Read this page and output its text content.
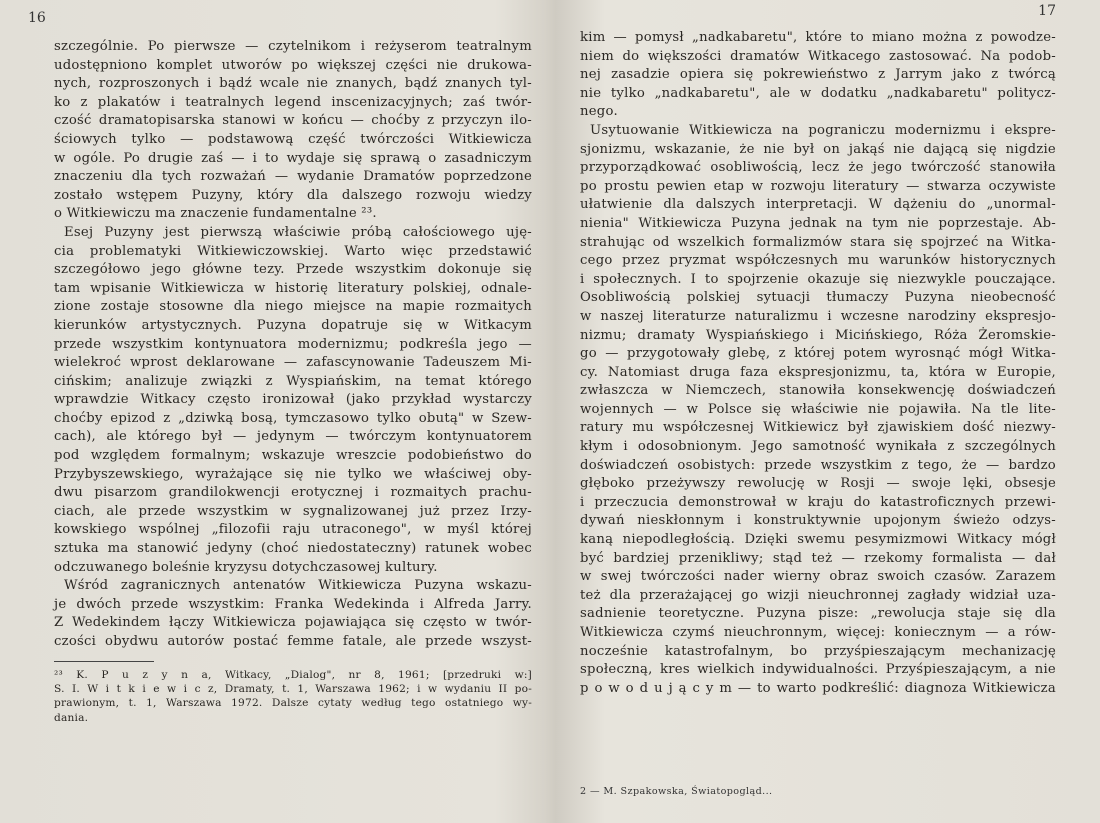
16
szczególnie. Po pierwsze — czytelnikom i reżyserom teatralnym
udostępniono komplet utworów po większej części nie drukowa-
nych, rozproszonych i bądź wcale nie znanych, bądź znanych tyl-
ko z plakatów i teatralnych legend inscenizacyjnych; zaś twór-
czość dramatopisarska stanowi w końcu — choćby z przyczyn ilo-
ściowych tylko — podstawową część twórczości Witkiewicza
w ogóle. Po drugie zaś — i to wydaje się sprawą o zasadniczym
znaczeniu dla tych rozważań — wydanie Dramatów poprzedzone
zostało wstępem Puzyny, który dla dalszego rozwoju wiedzy
o Witkiewiczu ma znaczenie fundamentalne ²³.
Esej Puzyny jest pierwszą właściwie próbą całościowego uję-
cia problematyki Witkiewiczowskiej. Warto więc przedstawić
szczegółowo jego główne tezy. Przede wszystkim dokonuje się
tam wpisanie Witkiewicza w historię literatury polskiej, odnale-
zione zostaje stosowne dla niego miejsce na mapie rozmaitych
kierunków artystycznych. Puzyna dopatruje się w Witkacym
przede wszystkim kontynuatora modernizmu; podkreśla jego —
wielekroć wprost deklarowane — zafascynowanie Tadeuszem Mi-
cińskim; analizuje związki z Wyspiańskim, na temat którego
wprawdzie Witkacy często ironizował (jako przykład wystarczy
choćby epizod z „dziwką bosą, tymczasowo tylko obutą" w Szew-
cach), ale którego był — jedynym — twórczym kontynuatorem
pod względem formalnym; wskazuje wreszcie podobieństwo do
Przybyszewskiego, wyrażające się nie tylko we właściwej oby-
dwu pisarzom grandilokwencji erotycznej i rozmaitych prachu-
ciach, ale przede wszystkim w sygnalizowanej już przez Irzy-
kowskiego wspólnej „filozofii raju utraconego", w myśl której
sztuka ma stanowić jedyny (choć niedostateczny) ratunek wobec
odczuwanego boleśnie kryzysu dotychczasowej kultury.
Wśród zagranicznych antenatów Witkiewicza Puzyna wskazu-
je dwóch przede wszystkim: Franka Wedekinda i Alfreda Jarry.
Z Wedekindem łączy Witkiewicza pojawiająca się często w twór-
czości obydwu autorów postać femme fatale, ale przede wszyst-
²³ K. P u z y n a, Witkacy, „Dialog", nr 8, 1961; [przedruki w:]
S. I. W i t k i e w i c z, Dramaty, t. 1, Warszawa 1962; i w wydaniu II po-
prawionym, t. 1, Warszawa 1972. Dalsze cytaty według tego ostatniego wy-
dania.
17
kim — pomysł „nadkabaretu", które to miano można z powodze-
niem do większości dramatów Witkacego zastosować. Na podob-
nej zasadzie opiera się pokrewieństwo z Jarrym jako z twórcą
nie tylko „nadkabaretu", ale w dodatku „nadkabaretu" politycz-
nego.
Usytuowanie Witkiewicza na pograniczu modernizmu i ekspre-
sjonizmu, wskazanie, że nie był on jakąś nie dającą się nigdzie
przyporządkować osobliwością, lecz że jego twórczość stanowiła
po prostu pewien etap w rozwoju literatury — stwarza oczywiste
ułatwienie dla dalszych interpretacji. W dążeniu do „unormal-
nienia" Witkiewicza Puzyna jednak na tym nie poprzestaje. Ab-
strahując od wszelkich formalizmów stara się spojrzeć na Witka-
cego przez pryzmat współczesnych mu warunków historycznych
i społecznych. I to spojrzenie okazuje się niezwykle pouczające.
Osobliwością polskiej sytuacji tłumaczy Puzyna nieobecność
w naszej literaturze naturalizmu i wczesne narodziny ekspresjo-
nizmu; dramaty Wyspiańskiego i Micińskiego, Róża Żeromskie-
go — przygotowały glebę, z której potem wyrosnąć mógł Witka-
cy. Natomiast druga faza ekspresjonizmu, ta, która w Europie,
zwłaszcza w Niemczech, stanowiła konsekwencję doświadczeń
wojennych — w Polsce się właściwie nie pojawiła. Na tle lite-
ratury mu współczesnej Witkiewicz był zjawiskiem dość niezwy-
kłym i odosobnionym. Jego samotność wynikała z szczególnych
doświadczeń osobistych: przede wszystkim z tego, że — bardzo
głęboko przeżywszy rewolucję w Rosji — swoje lęki, obsesje
i przeczucia demonstrował w kraju do katastroficznych przewi-
dywań nieskłonnym i konstruktywnie upojonym świeżo odzys-
kaną niepodległością. Dzięki swemu pesymizmowi Witkacy mógł
być bardziej przenikliwy; stąd też — rzekomy formalista — dał
w swej twórczości nader wierny obraz swoich czasów. Zarazem
też dla przerażającej go wizji nieuchronnej zagłady widział uza-
sadnienie teoretyczne. Puzyna pisze: „rewolucja staje się dla
Witkiewicza czymś nieuchronnym, więcej: koniecznym — a rów-
nocześnie katastrofalnym, bo przyśpieszającym mechanizację
społeczną, kres wielkich indywidualności. Przyśpieszającym, a nie
p o w o d u j ą c y m — to warto podkreślić: diagnoza Witkiewicza
2 — M. Szpakowska, Światopogląd...
